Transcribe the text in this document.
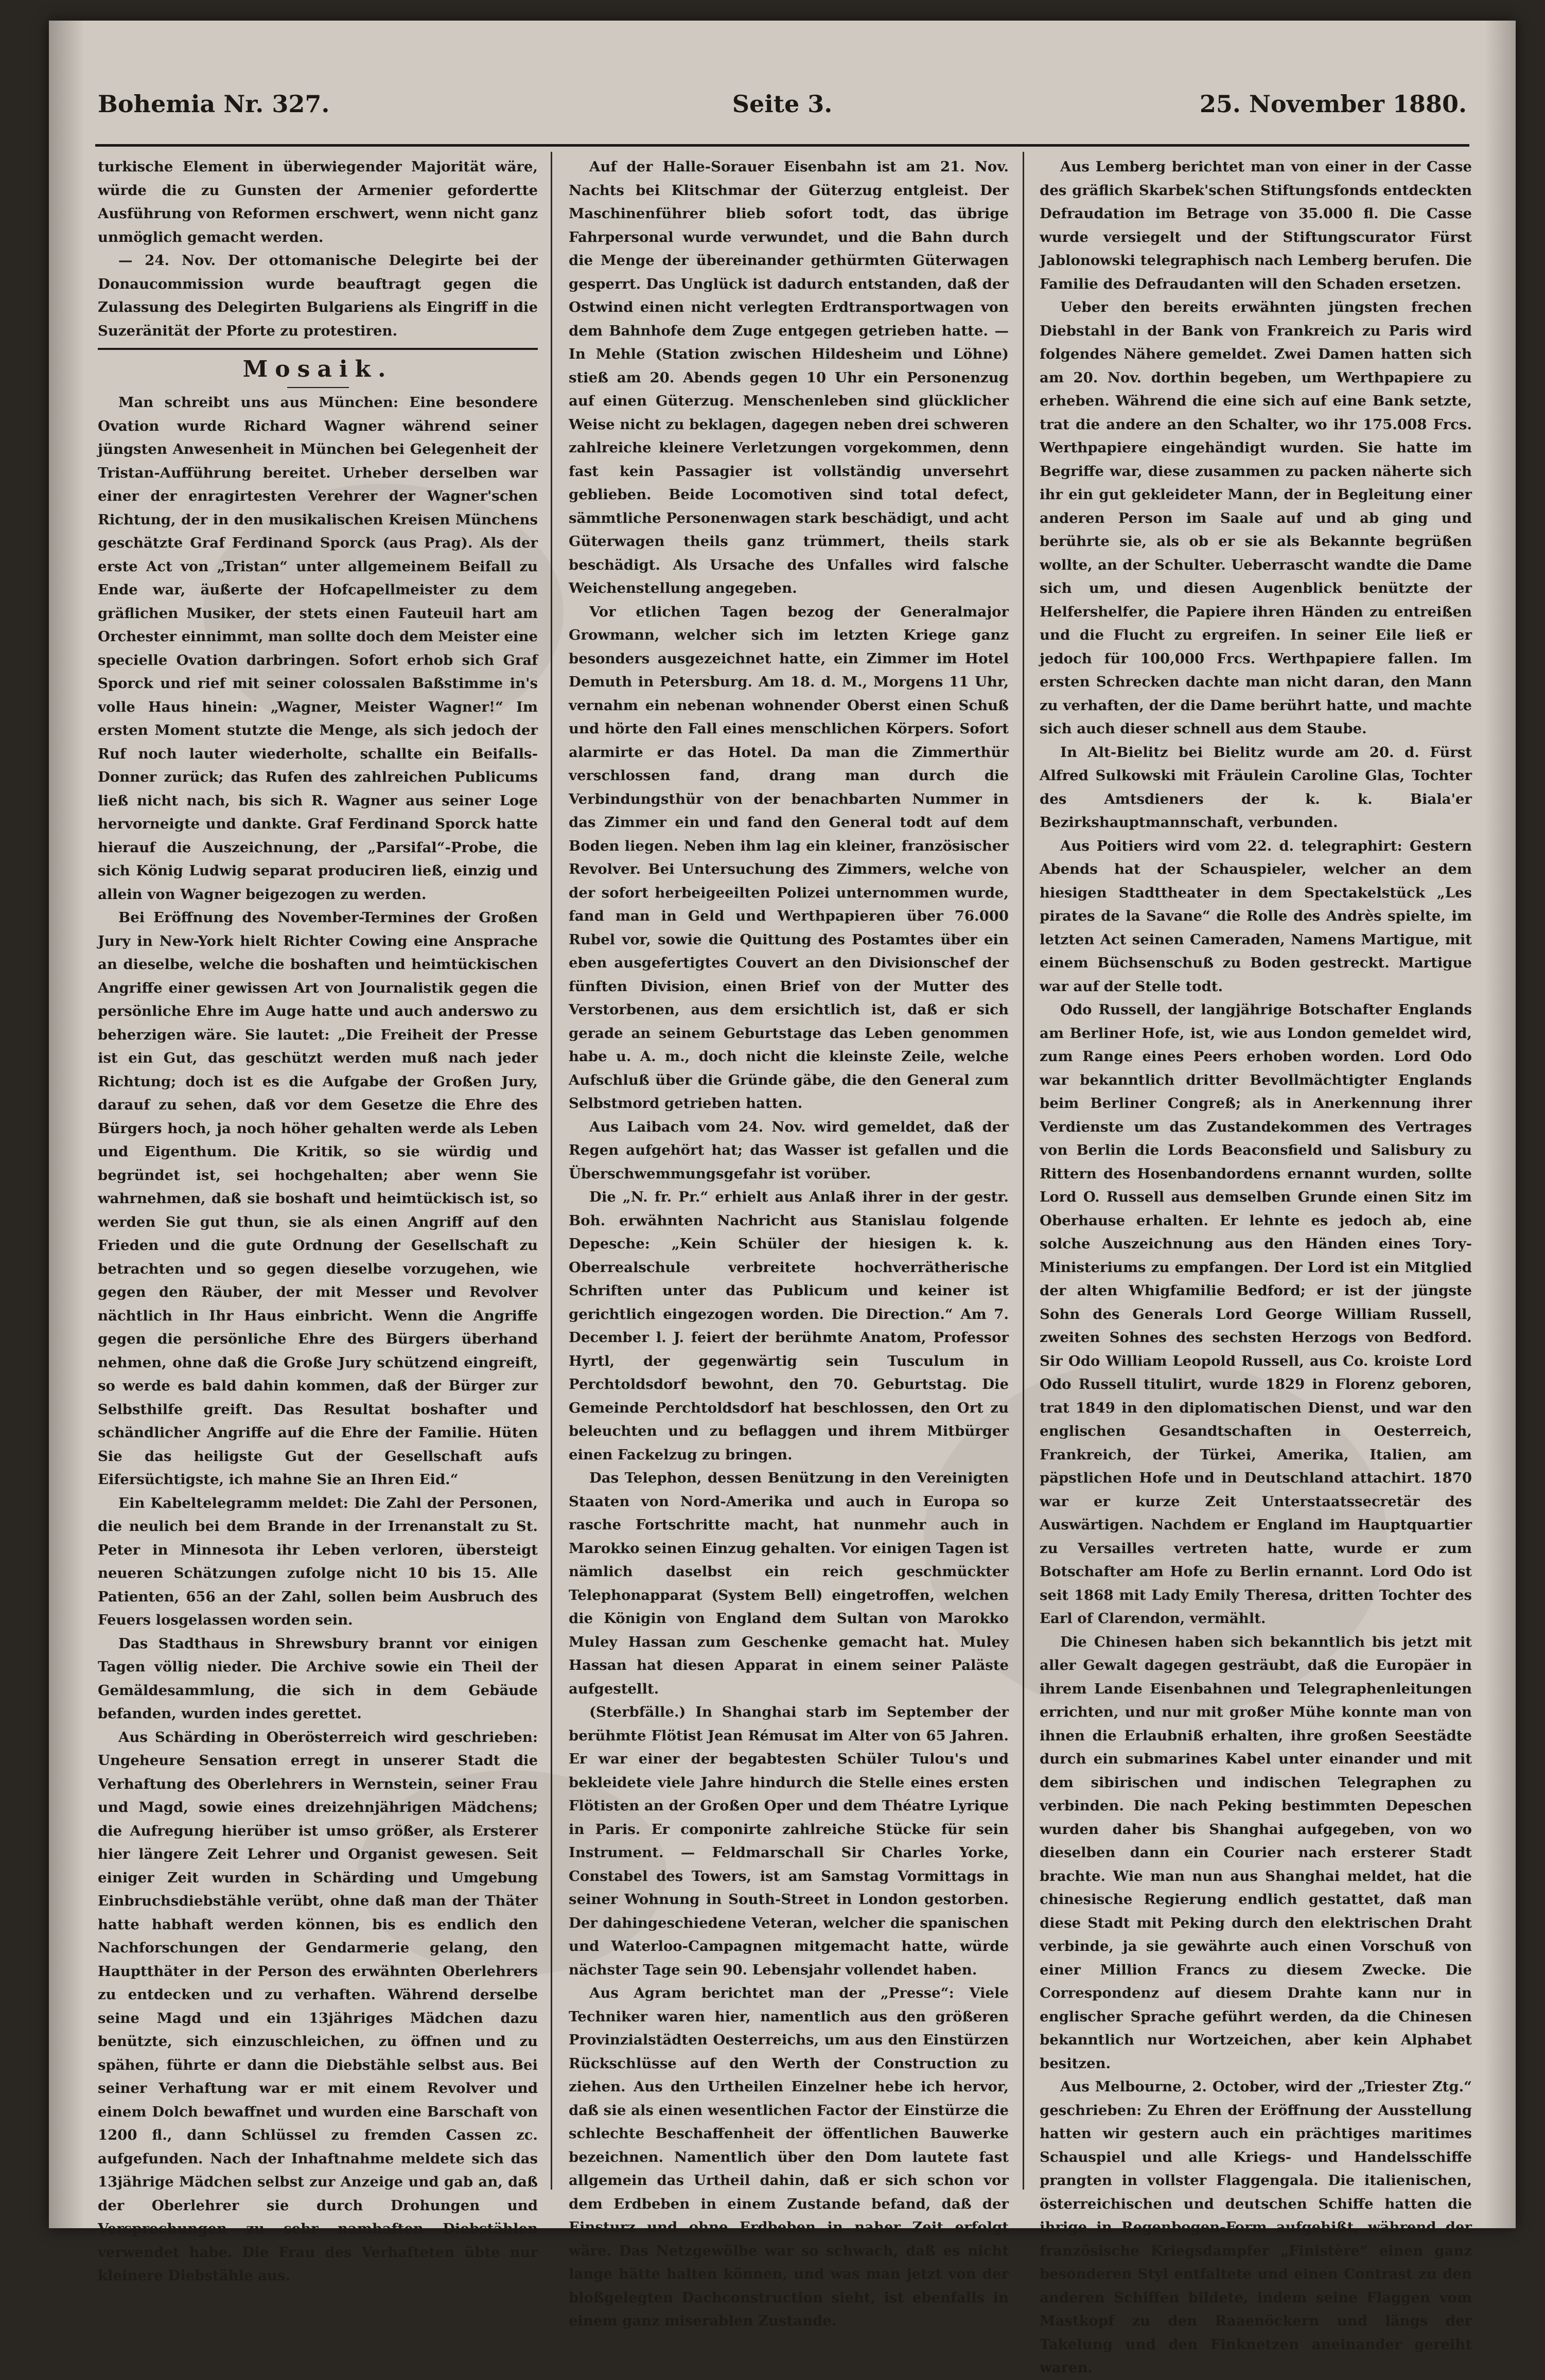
Bohemia Nr. 327.	Seite 3.	25. November 1880.

turkische Element in überwiegender Majorität wäre, würde die zu Gunsten der Armenier gefordertte Ausführung von Reformen erschwert, wenn nicht ganz unmöglich gemacht werden.

— 24. Nov. Der ottomanische Delegirte bei der Donaucommission wurde beauftragt gegen die Zulassung des Delegirten Bulgariens als Eingriff in die Suzeränität der Pforte zu protestiren.

Mosaik.

Man schreibt uns aus München: Eine besondere Ovation wurde Richard Wagner während seiner jüngsten Anwesenheit in München bei Gelegenheit der Tristan-Aufführung bereitet. Urheber derselben war einer der enragirtesten Verehrer der Wagner'schen Richtung, der in den musikalischen Kreisen Münchens geschätzte Graf Ferdinand Sporck (aus Prag). Als der erste Act von „Tristan“ unter allgemeinem Beifall zu Ende war, äußerte der Hofcapellmeister zu dem gräflichen Musiker, der stets einen Fauteuil hart am Orchester einnimmt, man sollte doch dem Meister eine specielle Ovation darbringen. Sofort erhob sich Graf Sporck und rief mit seiner colossalen Baßstimme in's volle Haus hinein: „Wagner, Meister Wagner!“ Im ersten Moment stutzte die Menge, als sich jedoch der Ruf noch lauter wiederholte, schallte ein Beifalls-Donner zurück; das Rufen des zahlreichen Publicums ließ nicht nach, bis sich R. Wagner aus seiner Loge hervorneigte und dankte. Graf Ferdinand Sporck hatte hierauf die Auszeichnung, der „Parsifal“-Probe, die sich König Ludwig separat produciren ließ, einzig und allein von Wagner beigezogen zu werden.

Bei Eröffnung des November-Termines der Großen Jury in New-York hielt Richter Cowing eine Ansprache an dieselbe, welche die boshaften und heimtückischen Angriffe einer gewissen Art von Journalistik gegen die persönliche Ehre im Auge hatte und auch anderswo zu beherzigen wäre. Sie lautet: „Die Freiheit der Presse ist ein Gut, das geschützt werden muß nach jeder Richtung; doch ist es die Aufgabe der Großen Jury, darauf zu sehen, daß vor dem Gesetze die Ehre des Bürgers hoch, ja noch höher gehalten werde als Leben und Eigenthum. Die Kritik, so sie würdig und begründet ist, sei hochgehalten; aber wenn Sie wahrnehmen, daß sie boshaft und heimtückisch ist, so werden Sie gut thun, sie als einen Angriff auf den Frieden und die gute Ordnung der Gesellschaft zu betrachten und so gegen dieselbe vorzugehen, wie gegen den Räuber, der mit Messer und Revolver nächtlich in Ihr Haus einbricht. Wenn die Angriffe gegen die persönliche Ehre des Bürgers überhand nehmen, ohne daß die Große Jury schützend eingreift, so werde es bald dahin kommen, daß der Bürger zur Selbsthilfe greift. Das Resultat boshafter und schändlicher Angriffe auf die Ehre der Familie. Hüten Sie das heiligste Gut der Gesellschaft aufs Eifersüchtigste, ich mahne Sie an Ihren Eid.“

Ein Kabeltelegramm meldet: Die Zahl der Personen, die neulich bei dem Brande in der Irrenanstalt zu St. Peter in Minnesota ihr Leben verloren, übersteigt neueren Schätzungen zufolge nicht 10 bis 15. Alle Patienten, 656 an der Zahl, sollen beim Ausbruch des Feuers losgelassen worden sein.

Das Stadthaus in Shrewsbury brannt vor einigen Tagen völlig nieder. Die Archive sowie ein Theil der Gemäldesammlung, die sich in dem Gebäude befanden, wurden indes gerettet.

Aus Schärding in Oberösterreich wird geschrieben: Ungeheure Sensation erregt in unserer Stadt die Verhaftung des Oberlehrers in Wernstein, seiner Frau und Magd, sowie eines dreizehnjährigen Mädchens; die Aufregung hierüber ist umso größer, als Ersterer hier längere Zeit Lehrer und Organist gewesen. Seit einiger Zeit wurden in Schärding und Umgebung Einbruchsdiebstähle verübt, ohne daß man der Thäter hatte habhaft werden können, bis es endlich den Nachforschungen der Gendarmerie gelang, den Hauptthäter in der Person des erwähnten Oberlehrers zu entdecken und zu verhaften. Während derselbe seine Magd und ein 13jähriges Mädchen dazu benützte, sich einzuschleichen, zu öffnen und zu spähen, führte er dann die Diebstähle selbst aus. Bei seiner Verhaftung war er mit einem Revolver und einem Dolch bewaffnet und wurden eine Barschaft von 1200 fl., dann Schlüssel zu fremden Cassen zc. aufgefunden. Nach der Inhaftnahme meldete sich das 13jährige Mädchen selbst zur Anzeige und gab an, daß der Oberlehrer sie durch Drohungen und Versprechungen zu sehr namhaften Diebstählen verwendet habe. Die Frau des Verhafteten übte nur kleinere Diebstähle aus.

Auf der Halle-Sorauer Eisenbahn ist am 21. Nov. Nachts bei Klitschmar der Güterzug entgleist. Der Maschinenführer blieb sofort todt, das übrige Fahrpersonal wurde verwundet, und die Bahn durch die Menge der übereinander gethürmten Güterwagen gesperrt. Das Unglück ist dadurch entstanden, daß der Ostwind einen nicht verlegten Erdtransportwagen von dem Bahnhofe dem Zuge entgegen getrieben hatte. — In Mehle (Station zwischen Hildesheim und Löhne) stieß am 20. Abends gegen 10 Uhr ein Personenzug auf einen Güterzug. Menschenleben sind glücklicher Weise nicht zu beklagen, dagegen neben drei schweren zahlreiche kleinere Verletzungen vorgekommen, denn fast kein Passagier ist vollständig unversehrt geblieben. Beide Locomotiven sind total defect, sämmtliche Personenwagen stark beschädigt, und acht Güterwagen theils ganz trümmert, theils stark beschädigt. Als Ursache des Unfalles wird falsche Weichenstellung angegeben.

Vor etlichen Tagen bezog der Generalmajor Growmann, welcher sich im letzten Kriege ganz besonders ausgezeichnet hatte, ein Zimmer im Hotel Demuth in Petersburg. Am 18. d. M., Morgens 11 Uhr, vernahm ein nebenan wohnender Oberst einen Schuß und hörte den Fall eines menschlichen Körpers. Sofort alarmirte er das Hotel. Da man die Zimmerthür verschlossen fand, drang man durch die Verbindungsthür von der benachbarten Nummer in das Zimmer ein und fand den General todt auf dem Boden liegen. Neben ihm lag ein kleiner, französischer Revolver. Bei Untersuchung des Zimmers, welche von der sofort herbeigeeilten Polizei unternommen wurde, fand man in Geld und Werthpapieren über 76.000 Rubel vor, sowie die Quittung des Postamtes über ein eben ausgefertigtes Couvert an den Divisionschef der fünften Division, einen Brief von der Mutter des Verstorbenen, aus dem ersichtlich ist, daß er sich gerade an seinem Geburtstage das Leben genommen habe u. A. m., doch nicht die kleinste Zeile, welche Aufschluß über die Gründe gäbe, die den General zum Selbstmord getrieben hatten.

Aus Laibach vom 24. Nov. wird gemeldet, daß der Regen aufgehört hat; das Wasser ist gefallen und die Überschwemmungsgefahr ist vorüber.

Die „N. fr. Pr.“ erhielt aus Anlaß ihrer in der gestr. Boh. erwähnten Nachricht aus Stanislau folgende Depesche: „Kein Schüler der hiesigen k. k. Oberrealschule verbreitete hochverrätherische Schriften unter das Publicum und keiner ist gerichtlich eingezogen worden. Die Direction.“ Am 7. December l. J. feiert der berühmte Anatom, Professor Hyrtl, der gegenwärtig sein Tusculum in Perchtoldsdorf bewohnt, den 70. Geburtstag. Die Gemeinde Perchtoldsdorf hat beschlossen, den Ort zu beleuchten und zu beflaggen und ihrem Mitbürger einen Fackelzug zu bringen.

Das Telephon, dessen Benützung in den Vereinigten Staaten von Nord-Amerika und auch in Europa so rasche Fortschritte macht, hat nunmehr auch in Marokko seinen Einzug gehalten. Vor einigen Tagen ist nämlich daselbst ein reich geschmückter Telephonapparat (System Bell) eingetroffen, welchen die Königin von England dem Sultan von Marokko Muley Hassan zum Geschenke gemacht hat. Muley Hassan hat diesen Apparat in einem seiner Paläste aufgestellt.

(Sterbfälle.) In Shanghai starb im September der berühmte Flötist Jean Rémusat im Alter von 65 Jahren. Er war einer der begabtesten Schüler Tulou's und bekleidete viele Jahre hindurch die Stelle eines ersten Flötisten an der Großen Oper und dem Théatre Lyrique in Paris. Er componirte zahlreiche Stücke für sein Instrument. — Feldmarschall Sir Charles Yorke, Constabel des Towers, ist am Samstag Vormittags in seiner Wohnung in South-Street in London gestorben. Der dahingeschiedene Veteran, welcher die spanischen und Waterloo-Campagnen mitgemacht hatte, würde nächster Tage sein 90. Lebensjahr vollendet haben.

Aus Agram berichtet man der „Presse“: Viele Techniker waren hier, namentlich aus den größeren Provinzialstädten Oesterreichs, um aus den Einstürzen Rückschlüsse auf den Werth der Construction zu ziehen. Aus den Urtheilen Einzelner hebe ich hervor, daß sie als einen wesentlichen Factor der Einstürze die schlechte Beschaffenheit der öffentlichen Bauwerke bezeichnen. Namentlich über den Dom lautete fast allgemein das Urtheil dahin, daß er sich schon vor dem Erdbeben in einem Zustande befand, daß der Einsturz und ohne Erdbeben in naher Zeit erfolgt wäre. Das Netzgewölbe war so schwach, daß es nicht lange hätte halten können, und was man jetzt von der bloßgelegten Dachconstruction sieht, ist ebenfalls in einem ganz miserablen Zustande.

Aus Lemberg berichtet man von einer in der Casse des gräflich Skarbek'schen Stiftungsfonds entdeckten Defraudation im Betrage von 35.000 fl. Die Casse wurde versiegelt und der Stiftungscurator Fürst Jablonowski telegraphisch nach Lemberg berufen. Die Familie des Defraudanten will den Schaden ersetzen.

Ueber den bereits erwähnten jüngsten frechen Diebstahl in der Bank von Frankreich zu Paris wird folgendes Nähere gemeldet. Zwei Damen hatten sich am 20. Nov. dorthin begeben, um Werthpapiere zu erheben. Während die eine sich auf eine Bank setzte, trat die andere an den Schalter, wo ihr 175.008 Frcs. Werthpapiere eingehändigt wurden. Sie hatte im Begriffe war, diese zusammen zu packen näherte sich ihr ein gut gekleideter Mann, der in Begleitung einer anderen Person im Saale auf und ab ging und berührte sie, als ob er sie als Bekannte begrüßen wollte, an der Schulter. Ueberrascht wandte die Dame sich um, und diesen Augenblick benützte der Helfershelfer, die Papiere ihren Händen zu entreißen und die Flucht zu ergreifen. In seiner Eile ließ er jedoch für 100,000 Frcs. Werthpapiere fallen. Im ersten Schrecken dachte man nicht daran, den Mann zu verhaften, der die Dame berührt hatte, und machte sich auch dieser schnell aus dem Staube.

In Alt-Bielitz bei Bielitz wurde am 20. d. Fürst Alfred Sulkowski mit Fräulein Caroline Glas, Tochter des Amtsdieners der k. k. Biala'er Bezirkshauptmannschaft, verbunden.

Aus Poitiers wird vom 22. d. telegraphirt: Gestern Abends hat der Schauspieler, welcher an dem hiesigen Stadttheater in dem Spectakelstück „Les pirates de la Savane“ die Rolle des Andrès spielte, im letzten Act seinen Cameraden, Namens Martigue, mit einem Büchsenschuß zu Boden gestreckt. Martigue war auf der Stelle todt.

Odo Russell, der langjährige Botschafter Englands am Berliner Hofe, ist, wie aus London gemeldet wird, zum Range eines Peers erhoben worden. Lord Odo war bekanntlich dritter Bevollmächtigter Englands beim Berliner Congreß; als in Anerkennung ihrer Verdienste um das Zustandekommen des Vertrages von Berlin die Lords Beaconsfield und Salisbury zu Rittern des Hosenbandordens ernannt wurden, sollte Lord O. Russell aus demselben Grunde einen Sitz im Oberhause erhalten. Er lehnte es jedoch ab, eine solche Auszeichnung aus den Händen eines Tory-Ministeriums zu empfangen. Der Lord ist ein Mitglied der alten Whigfamilie Bedford; er ist der jüngste Sohn des Generals Lord George William Russell, zweiten Sohnes des sechsten Herzogs von Bedford. Sir Odo William Leopold Russell, aus Co. kroiste Lord Odo Russell titulirt, wurde 1829 in Florenz geboren, trat 1849 in den diplomatischen Dienst, und war den englischen Gesandtschaften in Oesterreich, Frankreich, der Türkei, Amerika, Italien, am päpstlichen Hofe und in Deutschland attachirt. 1870 war er kurze Zeit Unterstaatssecretär des Auswärtigen. Nachdem er England im Hauptquartier zu Versailles vertreten hatte, wurde er zum Botschafter am Hofe zu Berlin ernannt. Lord Odo ist seit 1868 mit Lady Emily Theresa, dritten Tochter des Earl of Clarendon, vermählt.

Die Chinesen haben sich bekanntlich bis jetzt mit aller Gewalt dagegen gesträubt, daß die Europäer in ihrem Lande Eisenbahnen und Telegraphenleitungen errichten, und nur mit großer Mühe konnte man von ihnen die Erlaubniß erhalten, ihre großen Seestädte durch ein submarines Kabel unter einander und mit dem sibirischen und indischen Telegraphen zu verbinden. Die nach Peking bestimmten Depeschen wurden daher bis Shanghai aufgegeben, von wo dieselben dann ein Courier nach ersterer Stadt brachte. Wie man nun aus Shanghai meldet, hat die chinesische Regierung endlich gestattet, daß man diese Stadt mit Peking durch den elektrischen Draht verbinde, ja sie gewährte auch einen Vorschuß von einer Million Francs zu diesem Zwecke. Die Correspondenz auf diesem Drahte kann nur in englischer Sprache geführt werden, da die Chinesen bekanntlich nur Wortzeichen, aber kein Alphabet besitzen.

Aus Melbourne, 2. October, wird der „Triester Ztg.“ geschrieben: Zu Ehren der Eröffnung der Ausstellung hatten wir gestern auch ein prächtiges maritimes Schauspiel und alle Kriegs- und Handelsschiffe prangten in vollster Flaggengala. Die italienischen, österreichischen und deutschen Schiffe hatten die ihrige in Regenbogen-Form aufgehißt, während der französische Kriegsdampfer „Finistère“ einen ganz besonderen Styl entfaltete und einen Contrast zu den anderen Schiffen bildete, indem seine Flaggen vom Mastkopf zu den Raaenöckern und längs der Takelung und den Finknetzen aneinander gereiht waren.
